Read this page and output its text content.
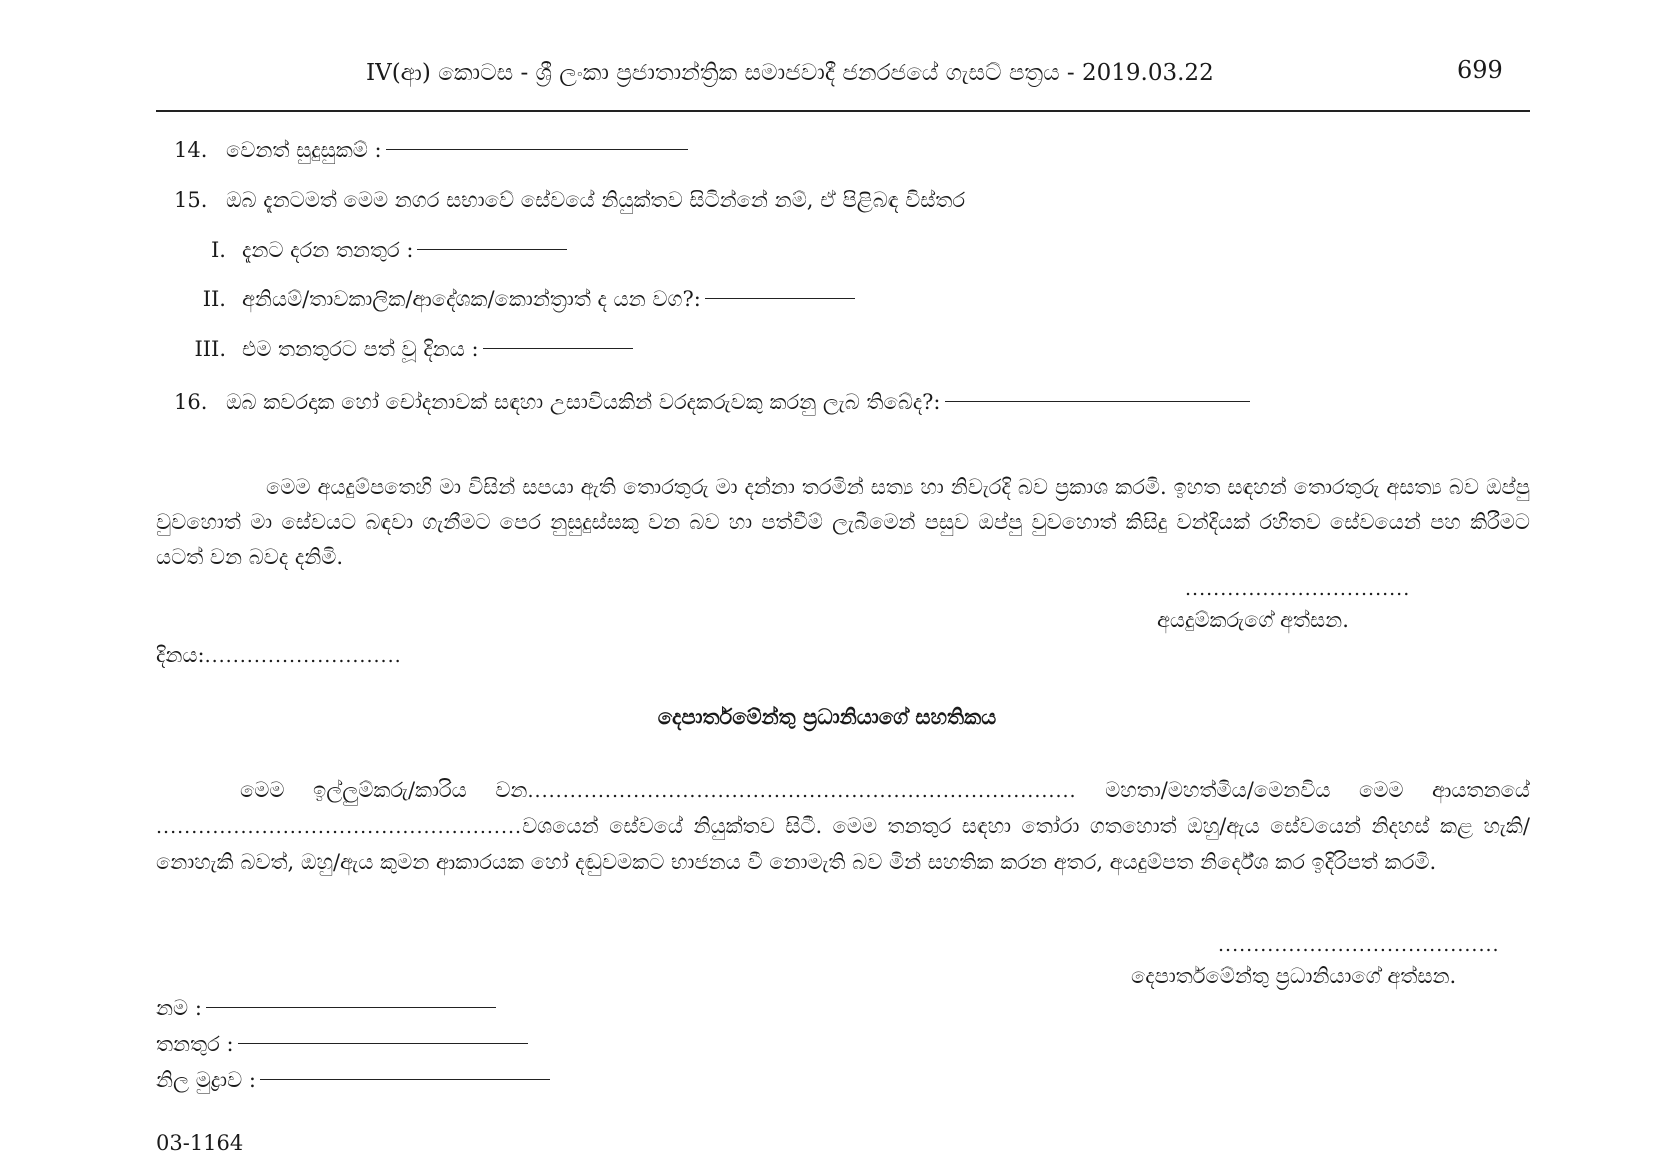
IV(ආ) කොටස - ශ්‍රී ලංකා ප්‍රජාතාන්ත්‍රික සමාජවාදී ජනරජයේ ගැසට් පත්‍රය - 2019.03.22	699
14. වෙනත් සුදුසුකම් :
15. ඔබ දැනටමත් මෙම නගර සභාවේ සේවයේ නියුක්තව සිටින්නේ නම්, ඒ පිළිබඳ විස්තර
I. දැනට දරන තනතුර :
II. අනියම්/තාවකාලික/ආදේශක/කොන්ත්‍රාත් ද යන වග?:
III. එම තනතුරට පත් වූ දිනය :
16. ඔබ කවරදාක හෝ චෝදනාවක් සඳහා උසාවියකින් වරදකරුවකු කරනු ලැබ තිබේද?:
මෙම අයදුම්පතෙහි මා විසින් සපයා ඇති තොරතුරු මා දන්නා තරමින් සත්‍ය හා නිවැරදි බව ප්‍රකාශ කරමි. ඉහත සඳහන් තොරතුරු අසත්‍ය බව ඔප්පු වුවහොත් මා සේවයට බඳවා ගැනීමට පෙර නුසුදුස්සකු වන බව හා පත්වීම් ලැබීමෙන් පසුව ඔප්පු වුවහොත් කිසිදු වන්දියක් රහිතව සේවයෙන් පහ කිරීමට යටත් වන බවද දනිමි.
................................
අයදුම්කරුගේ අත්සන.
දිනය:............................
දෙපාර්තමේන්තු ප්‍රධානියාගේ සහතිකය
මෙම ඉල්ලුම්කරු/කාරිය වන.............................................................................. මහතා/මහත්මිය/මෙනවිය මෙම ආයතනයේ ....................................................වශයෙන් සේවයේ නියුක්තව සිටී. මෙම තනතුර සඳහා තෝරා ගතහොත් ඔහු/ඇය සේවයෙන් නිදහස් කළ හැකි/නොහැකි බවත්, ඔහු/ඇය කුමන ආකාරයක හෝ දඬුවමකට භාජනය වී නොමැති බව මින් සහතික කරන අතර, අයදුම්පත නිර්දේශ කර ඉදිරිපත් කරමි.
........................................
දෙපාර්තමේන්තු ප්‍රධානියාගේ අත්සන.
නම :
තනතුර :
නිල මුද්‍රාව :
03-1164
